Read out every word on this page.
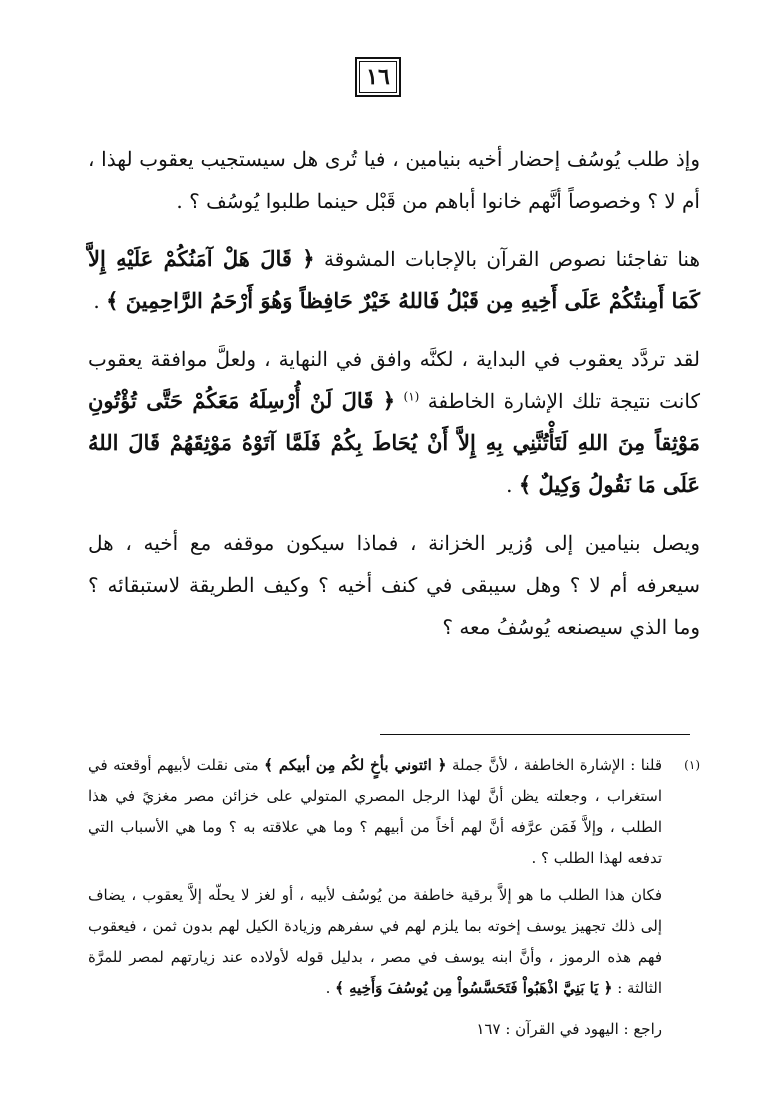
١٦

وإذ طلب يُوسُف إحضار أخيه بنيامين ، فيا تُرى هل سيستجيب يعقوب لهذا ، أم لا ؟ وخصوصاً أنَّهم خانوا أباهم من قَبْل حينما طلبوا يُوسُف ؟ .

هنا تفاجئنا نصوص القرآن بالإجابات المشوقة ﴿ قَالَ هَلْ آمَنُكُمْ عَلَيْهِ إِلاَّ كَمَا أَمِنتُكُمْ عَلَى أَخِيهِ مِن قَبْلُ فَاللهُ خَيْرٌ حَافِظاً وَهُوَ أَرْحَمُ الرَّاحِمِينَ ﴾ .

لقد تردَّد يعقوب في البداية ، لكنَّه وافق في النهاية ، ولعلَّ موافقة يعقوب كانت نتيجة تلك الإشارة الخاطفة $^{(١)}$ ﴿ قَالَ لَنْ أُرْسِلَهُ مَعَكُمْ حَتَّى تُؤْتُونِ مَوْثِقاً مِنَ اللهِ لَتَأْتُنَّنِي بِهِ إِلاَّ أَنْ يُحَاطَ بِكُمْ فَلَمَّا آتَوْهُ مَوْثِقَهُمْ قَالَ اللهُ عَلَى مَا نَقُولُ وَكِيلٌ ﴾ .

ويصل بنيامين إلى وُزير الخزانة ، فماذا سيكون موقفه مع أخيه ، هل سيعرفه أم لا ؟ وهل سيبقى في كنف أخيه ؟ وكيف الطريقة لاستبقائه ؟ وما الذي سيصنعه يُوسُفُ معه ؟

(١)

قلنا : الإشارة الخاطفة ، لأنَّ جملة ﴿ ائتوني بأخٍ لكُم مِن أبيكم ﴾ متى نقلت لأبيهم أوقعته في استغراب ، وجعلته يظن أنَّ لهذا الرجل المصري المتولي على خزائن مصر مغزيً في هذا الطلب ، وإلاَّ فَمَن عرَّفه أنَّ لهم أخاً من أبيهم ؟ وما هي علاقته به ؟ وما هي الأسباب التي تدفعه لهذا الطلب ؟ .

فكان هذا الطلب ما هو إلاَّ برقية خاطفة من يُوسُف لأبيه ، أو لغز لا يحلّه إلاَّ يعقوب ، يضاف إلى ذلك تجهيز يوسف إخوته بما يلزم لهم في سفرهم وزيادة الكيل لهم بدون ثمن ، فيعقوب فهم هذه الرموز ، وأنَّ ابنه يوسف في مصر ، بدليل قوله لأولاده عند زيارتهم لمصر للمرَّة الثالثة : ﴿ يَا بَنِيَّ اذْهَبُواْ فَتَحَسَّسُواْ مِن يُوسُفَ وَأَخِيهِ ﴾ .

راجع : اليهود في القرآن : ١٦٧
